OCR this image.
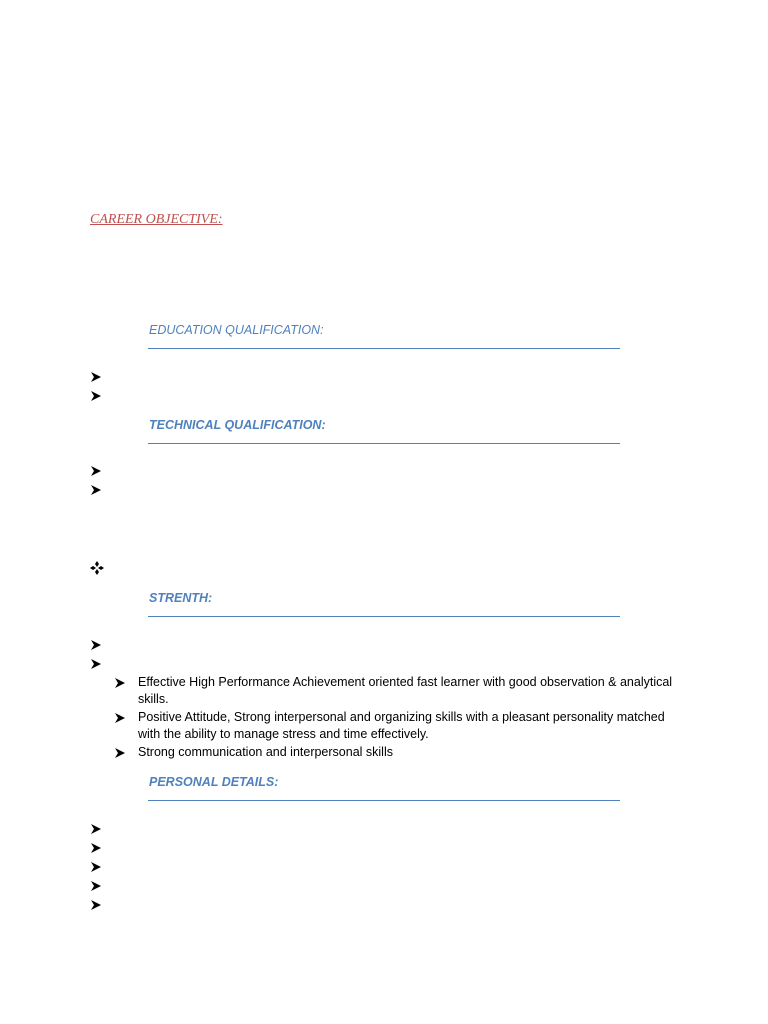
CAREER OBJECTIVE:
EDUCATION QUALIFICATION:
TECHNICAL QUALIFICATION:
STRENTH:
Effective High Performance Achievement oriented fast learner with good observation & analytical skills.
Positive Attitude, Strong interpersonal and organizing skills with a pleasant personality matched with the ability to manage stress and time effectively.
Strong communication and interpersonal skills
PERSONAL DETAILS:
